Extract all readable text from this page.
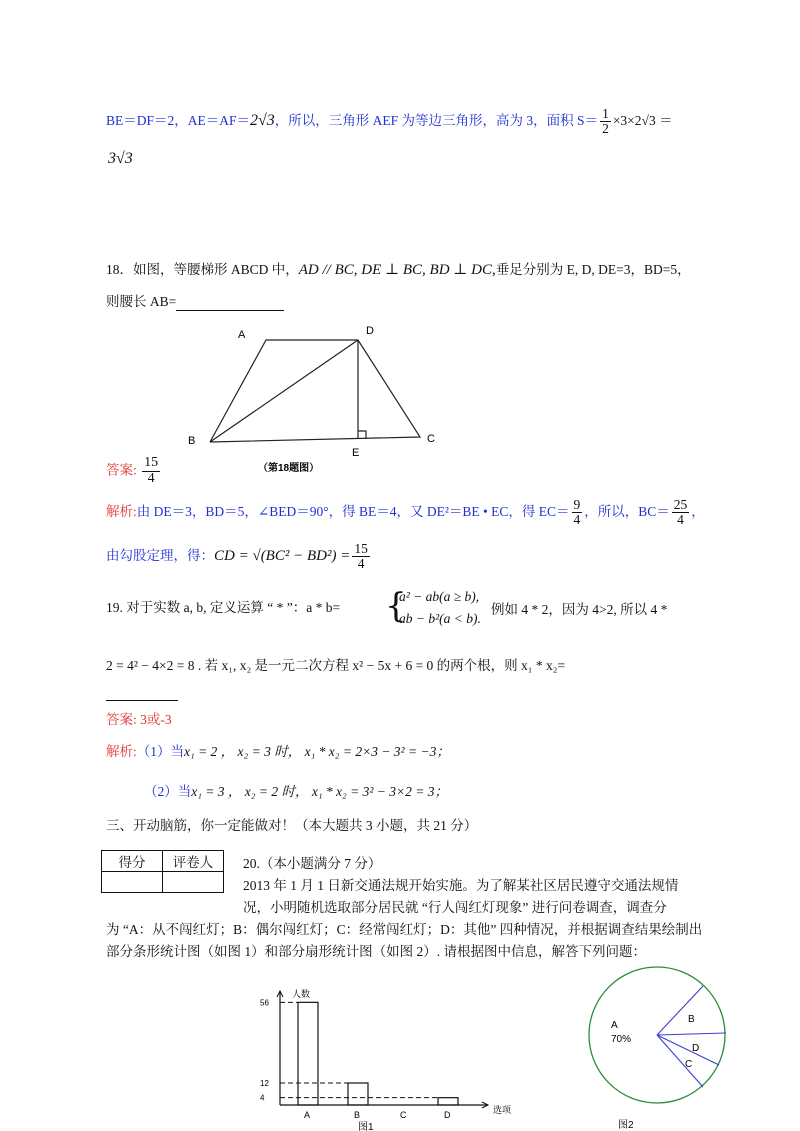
BE＝DF＝2，AE＝AF＝2√3，所以，三角形 AEF 为等边三角形，高为 3，面积 $S= \frac{1}{2} \times 3\times 2√3$ ＝
3√3
18．如图，等腰梯形 ABCD 中，AD // BC, DE ⊥ BC, BD ⊥ DC,垂足分别为 E, D, DE=3，BD=5，
则腰长 AB=
A	D
B
E
C
（第18题图）
答案: $\frac{15}{4}$
解析:由 DE＝3，BD＝5，∠BED＝90°，得 BE＝4，又 DE²＝BE • EC，得 $EC= \frac{9}{4}$ ，所以，$BC= \frac{25}{4}$ ，
由勾股定理，得：CD = $√(BC^2 - BD^2) = \frac{15}{4}$
19. 对于实数 a, b, 定义运算 “ * ”：a * b= {
a² − ab(a ≥ b),
ab − b²(a < b).
例如 4 * 2，因为 4>2, 所以 4 *
2 = 4² − 4×2 = 8 . 若 x₁, x₂ 是一元二次方程 x² − 5x + 6 = 0 的两个根，则 x₁ * x₂=

答案: 3或-3
解析:（1）当x₁ = 2 ， x₂ = 3 时， x₁ * x₂ = 2×3 − 3² = −3；
（2）当x₁ = 3 ， x₂ = 2 时， x₁ * x₂ = 3² − 3×2 = 3；
三、开动脑筋，你一定能做对！（本大题共 3 小题，共 21 分）
得分	评卷人
	20.（本小题满分 7 分）
2013 年 1 月 1 日新交通法规开始实施。为了解某社区居民遵守交通法规情
况，小明随机选取部分居民就 “行人闯红灯现象” 进行问卷调查，调查分
为 “A：从不闯红灯；B：偶尔闯红灯；C：经常闯红灯；D：其他” 四种情况，并根据调查结果绘制出
部分条形统计图（如图 1）和部分扇形统计图（如图 2）. 请根据图中信息，解答下列问题：
人数
选项
A	B	C	D
56
12
4
图1
A
B
D
C
70%
图2
